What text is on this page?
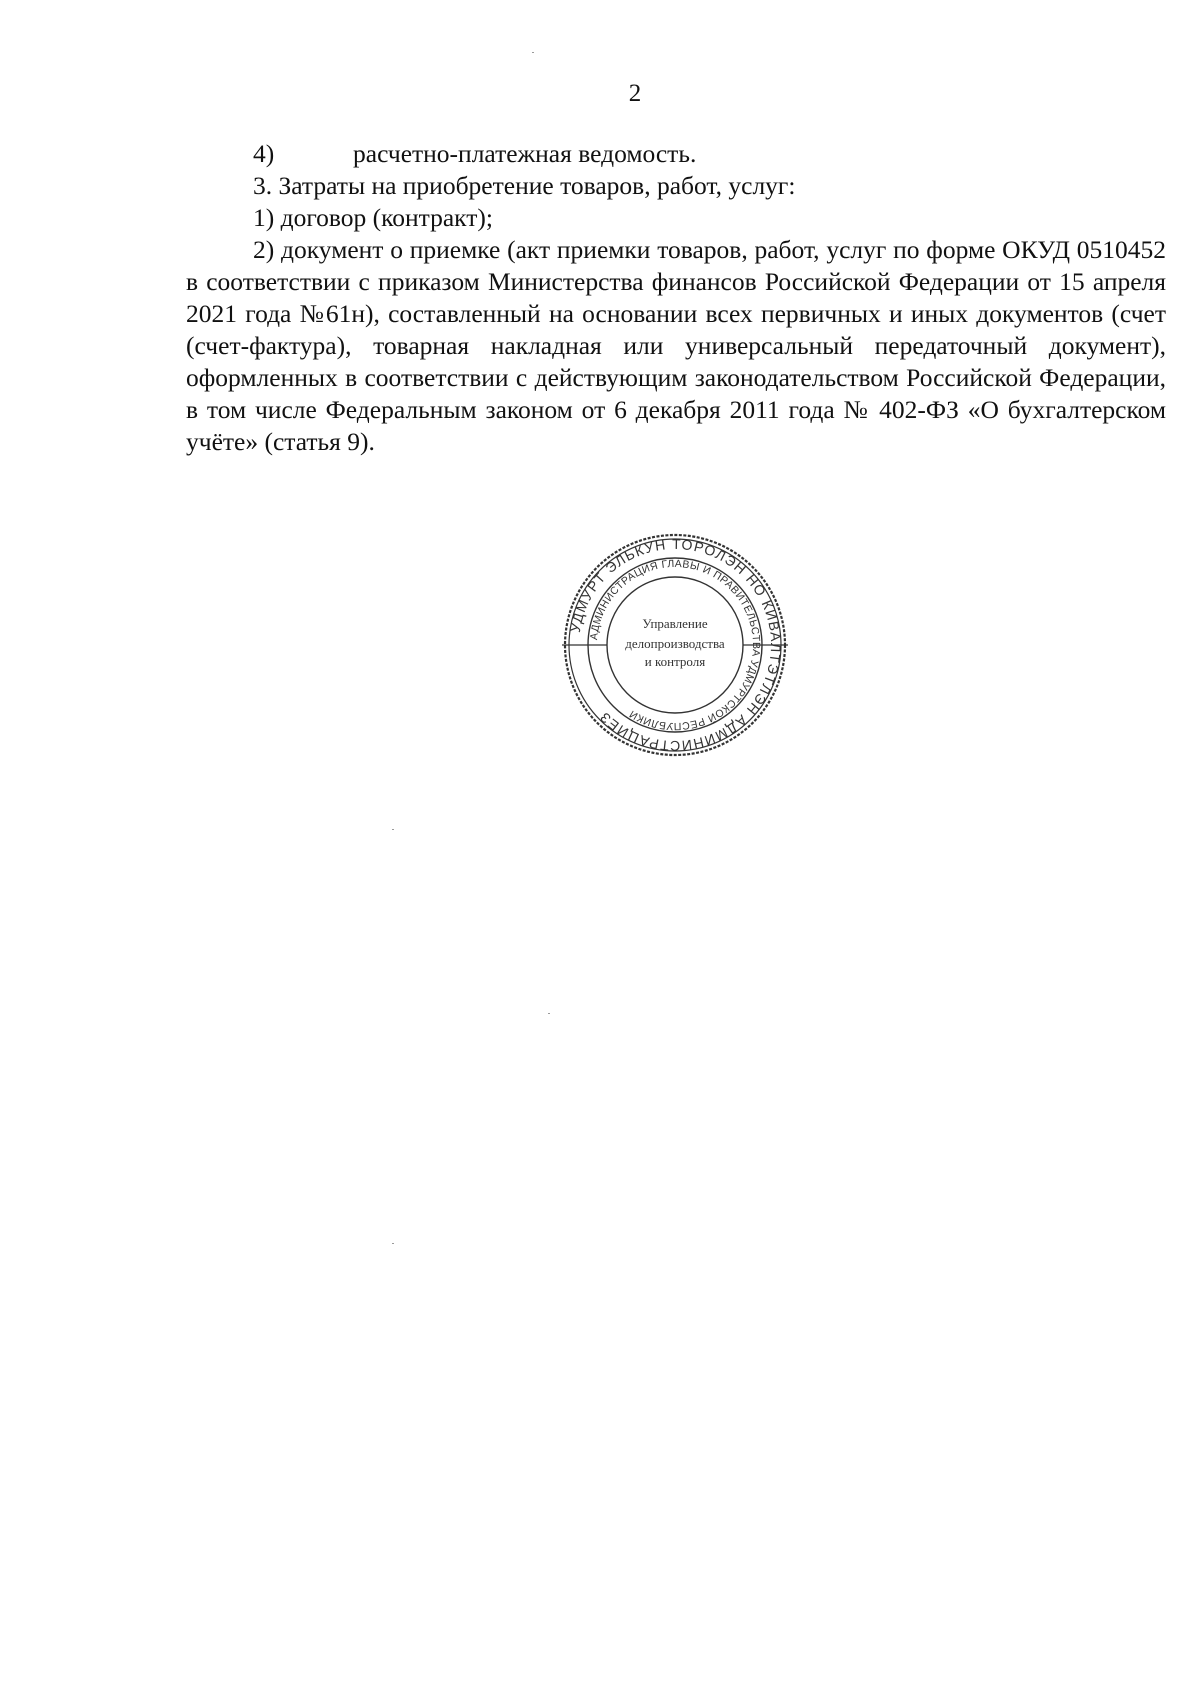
2

4)	расчетно-платежная ведомость.

3. Затраты на приобретение товаров, работ, услуг:

1) договор (контракт);

2) документ о приемке (акт приемки товаров, работ, услуг по форме ОКУД 0510452 в соответствии с приказом Министерства финансов Российской Федерации от 15 апреля 2021 года №61н), составленный на основании всех первичных и иных документов (счет (счет-фактура), товарная накладная или универсальный передаточный документ), оформленных в соответствии с действующим законодательством Российской Федерации, в том числе Федеральным законом от 6 декабря 2011 года № 402-ФЗ «О бухгалтерском учёте» (статья 9).

УДМУРТ ЭЛЬКУН ТОРОЛЭН НО КИВАЛТЭТЛЭН АДМИНИСТРАЦИЕЗ
АДМИНИСТРАЦИЯ ГЛАВЫ И ПРАВИТЕЛЬСТВА УДМУРТСКОЙ РЕСПУБЛИКИ
Управление
делопроизводства
и контроля
